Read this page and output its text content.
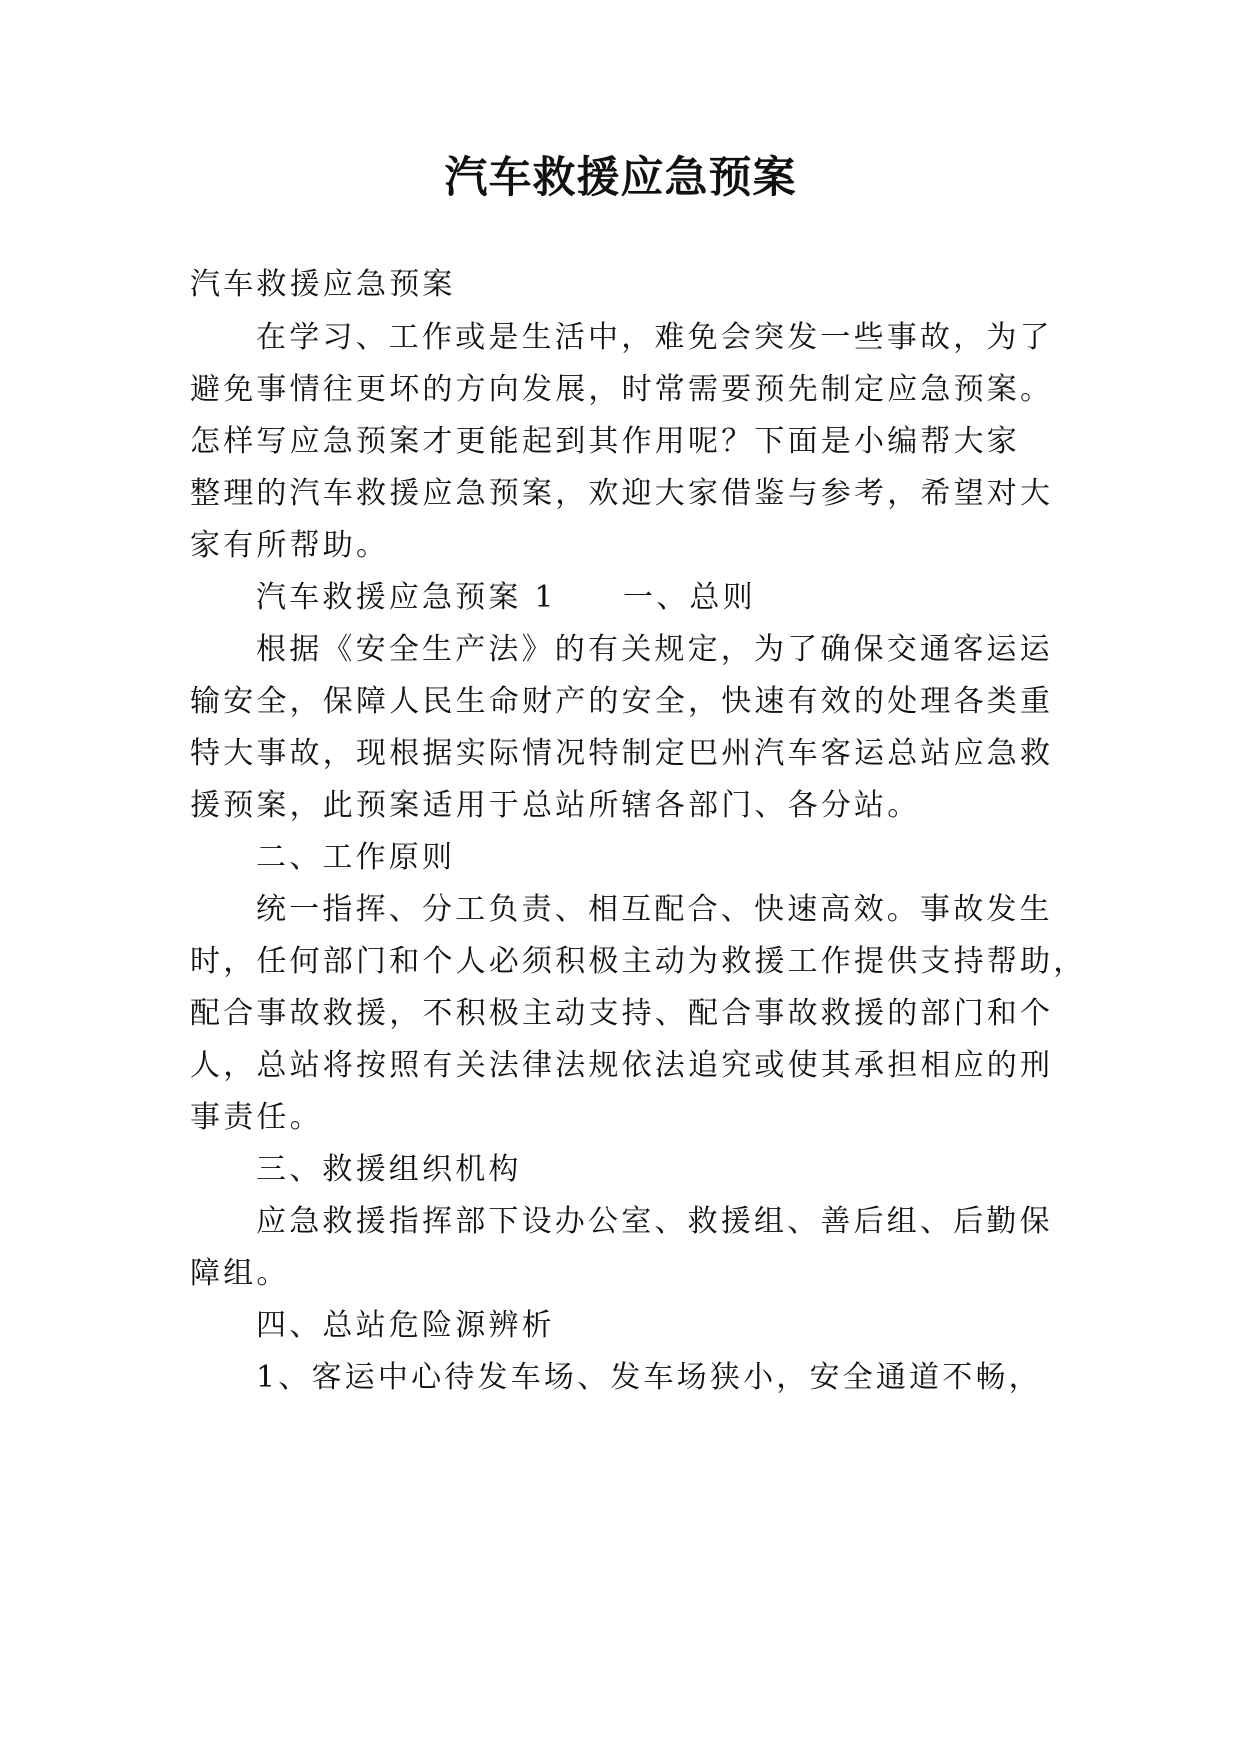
汽车救援应急预案
汽车救援应急预案
在学习、工作或是生活中，难免会突发一些事故，为了
避免事情往更坏的方向发展，时常需要预先制定应急预案。
怎样写应急预案才更能起到其作用呢？下面是小编帮大家
整理的汽车救援应急预案，欢迎大家借鉴与参考，希望对大
家有所帮助。
汽车救援应急预案 1　　一、总则
根据《安全生产法》的有关规定，为了确保交通客运运
输安全，保障人民生命财产的安全，快速有效的处理各类重
特大事故，现根据实际情况特制定巴州汽车客运总站应急救
援预案，此预案适用于总站所辖各部门、各分站。
二、工作原则
统一指挥、分工负责、相互配合、快速高效。事故发生
时，任何部门和个人必须积极主动为救援工作提供支持帮助，
配合事故救援，不积极主动支持、配合事故救援的部门和个
人，总站将按照有关法律法规依法追究或使其承担相应的刑
事责任。
三、救援组织机构
应急救援指挥部下设办公室、救援组、善后组、后勤保
障组。
四、总站危险源辨析
1、客运中心待发车场、发车场狭小，安全通道不畅，
